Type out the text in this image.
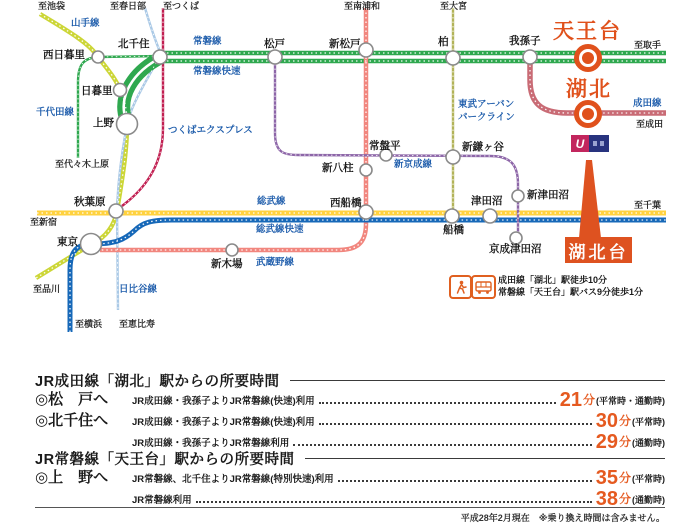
U
至池袋	至春日部 至つくば	至南浦和	至大宮
至取手
至成田
至千葉
至新宿
至品川
至横浜 至恵比寿
至代々木上原
山手線
常磐線
常磐線快速
千代田線
つくばエクスプレス
東武アーバン
パークライン
新京成線
総武線
総武線快速
武蔵野線
日比谷線
成田線
西日暮里
北千住
日暮里
上野
秋葉原
東京
松戸	新松戸	柏	我孫子
常盤平
新八柱
新鎌ヶ谷
津田沼 新津田沼
京成津田沼
船橋
西船橋
新木場
天王台
湖北
湖北台
成田線「湖北」駅徒歩10分
常磐線「天王台」駅バス9分徒歩1分
JR成田線「湖北」駅からの所要時間
◎松　戸へ	JR成田線・我孫子よりJR常磐線(快速)利用	21 分 (平常時・通勤時)
◎北千住へ	JR成田線・我孫子よりJR常磐線(快速)利用	30 分 (平常時)
JR成田線・我孫子よりJR常磐線利用	29 分 (通勤時)
JR常磐線「天王台」駅からの所要時間
◎上　野へ	JR常磐線、北千住よりJR常磐線(特別快速)利用	35 分 (平常時)
JR常磐線利用	38 分 (通勤時)
平成28年2月現在　※乗り換え時間は含みません。
